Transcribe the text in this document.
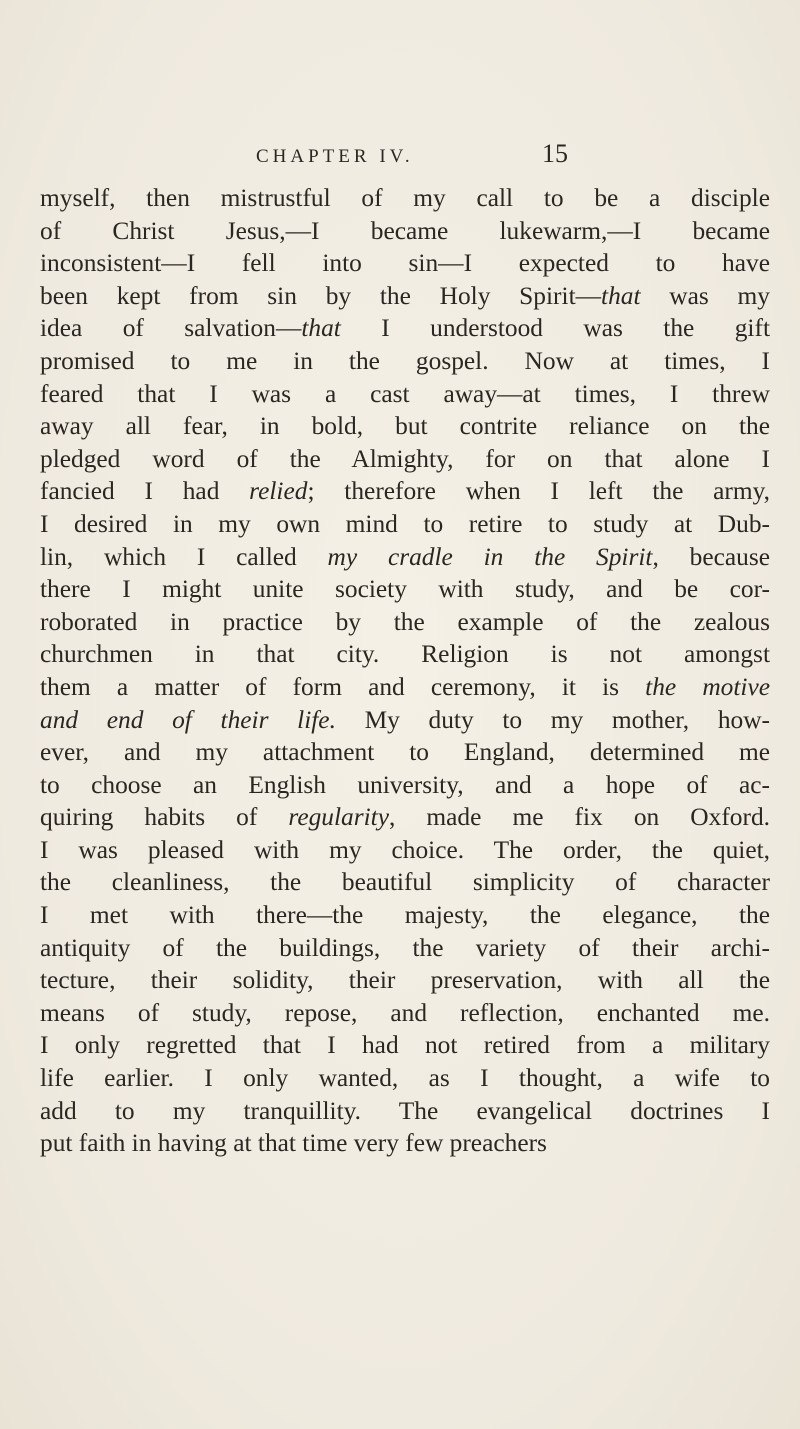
CHAPTER IV.	15
myself, then mistrustful of my call to be a disciple
of Christ Jesus,—I became lukewarm,—I became
inconsistent—I fell into sin—I expected to have
been kept from sin by the Holy Spirit—that was my
idea of salvation—that I understood was the gift
promised to me in the gospel. Now at times, I
feared that I was a cast away—at times, I threw
away all fear, in bold, but contrite reliance on the
pledged word of the Almighty, for on that alone I
fancied I had relied; therefore when I left the army,
I desired in my own mind to retire to study at Dub-
lin, which I called my cradle in the Spirit, because
there I might unite society with study, and be cor-
roborated in practice by the example of the zealous
churchmen in that city. Religion is not amongst
them a matter of form and ceremony, it is the motive
and end of their life. My duty to my mother, how-
ever, and my attachment to England, determined me
to choose an English university, and a hope of ac-
quiring habits of regularity, made me fix on Oxford.
I was pleased with my choice. The order, the quiet,
the cleanliness, the beautiful simplicity of character
I met with there—the majesty, the elegance, the
antiquity of the buildings, the variety of their archi-
tecture, their solidity, their preservation, with all the
means of study, repose, and reflection, enchanted me.
I only regretted that I had not retired from a military
life earlier. I only wanted, as I thought, a wife to
add to my tranquillity. The evangelical doctrines I
put faith in having at that time very few preachers
